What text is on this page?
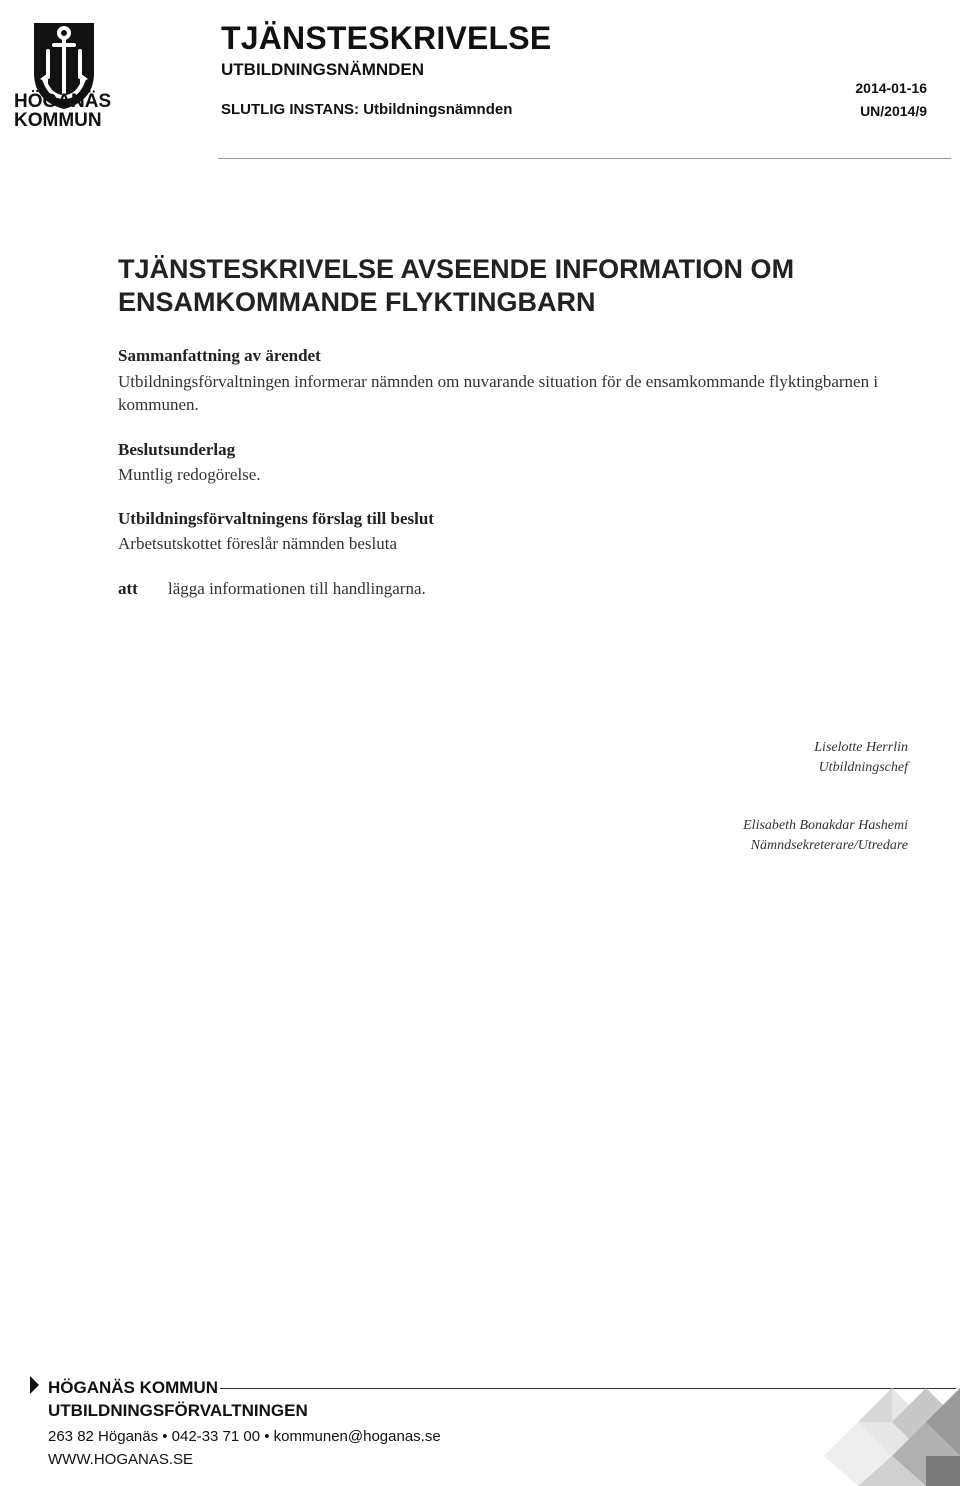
HÖGANÄS
KOMMUN
TJÄNSTESKRIVELSE
UTBILDNINGSNÄMNDEN
SLUTLIG INSTANS: Utbildningsnämnden
2014-01-16
UN/2014/9
TJÄNSTESKRIVELSE AVSEENDE INFORMATION OM
ENSAMKOMMANDE FLYKTINGBARN
Sammanfattning av ärendet
Utbildningsförvaltningen informerar nämnden om nuvarande situation för de ensamkommande flyktingbarnen i kommunen.
Beslutsunderlag
Muntlig redogörelse.
Utbildningsförvaltningens förslag till beslut
Arbetsutskottet föreslår nämnden besluta
att lägga informationen till handlingarna.
Liselotte Herrlin
Utbildningschef
Elisabeth Bonakdar Hashemi
Nämndsekreterare/Utredare
HÖGANÄS KOMMUN
UTBILDNINGSFÖRVALTNINGEN
263 82 Höganäs • 042-33 71 00 • kommunen@hoganas.se
WWW.HOGANAS.SE
